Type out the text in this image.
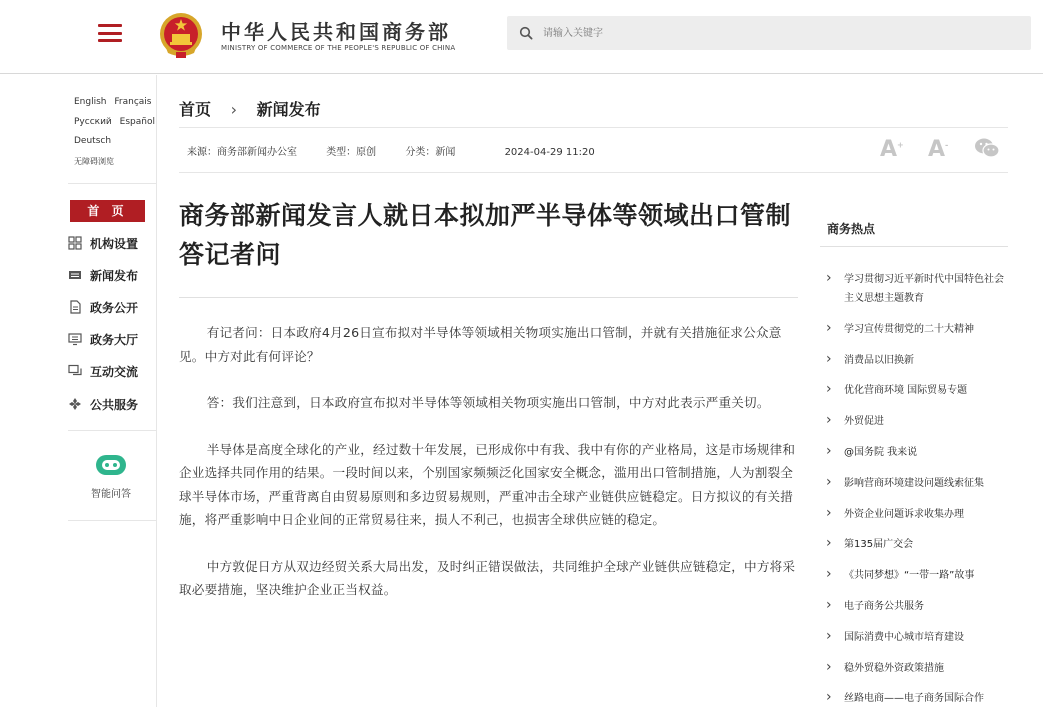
中华人民共和国商务部
MINISTRY OF COMMERCE OF THE PEOPLE'S REPUBLIC OF CHINA
请输入关键字
English Français
Русский Español
Deutsch
无障碍浏览
首 页
机构设置
新闻发布
政务公开
政务大厅
互动交流
公共服务
智能问答
首页 › 新闻发布
来源：商务部新闻办公室	类型：原创	分类：新闻	2024-04-29 11:20	A+ A-
商务部新闻发言人就日本拟加严半导体等领域出口管制答记者问

有记者问：日本政府4月26日宣布拟对半导体等领域相关物项实施出口管制，并就有关措施征求公众意见。中方对此有何评论？

答：我们注意到，日本政府宣布拟对半导体等领域相关物项实施出口管制，中方对此表示严重关切。

半导体是高度全球化的产业，经过数十年发展，已形成你中有我、我中有你的产业格局，这是市场规律和企业选择共同作用的结果。一段时间以来，个别国家频频泛化国家安全概念，滥用出口管制措施，人为割裂全球半导体市场，严重背离自由贸易原则和多边贸易规则，严重冲击全球产业链供应链稳定。日方拟议的有关措施，将严重影响中日企业间的正常贸易往来，损人不利己，也损害全球供应链的稳定。

中方敦促日方从双边经贸关系大局出发，及时纠正错误做法，共同维护全球产业链供应链稳定，中方将采取必要措施，坚决维护企业正当权益。

商务热点
› 学习贯彻习近平新时代中国特色社会主义思想主题教育
› 学习宣传贯彻党的二十大精神
› 消费品以旧换新
› 优化营商环境 国际贸易专题
› 外贸促进
› @国务院 我来说
› 影响营商环境建设问题线索征集
› 外资企业问题诉求收集办理
› 第135届广交会
› 《共同梦想》“一带一路”故事
› 电子商务公共服务
› 国际消费中心城市培育建设
› 稳外贸稳外资政策措施
› 丝路电商——电子商务国际合作
